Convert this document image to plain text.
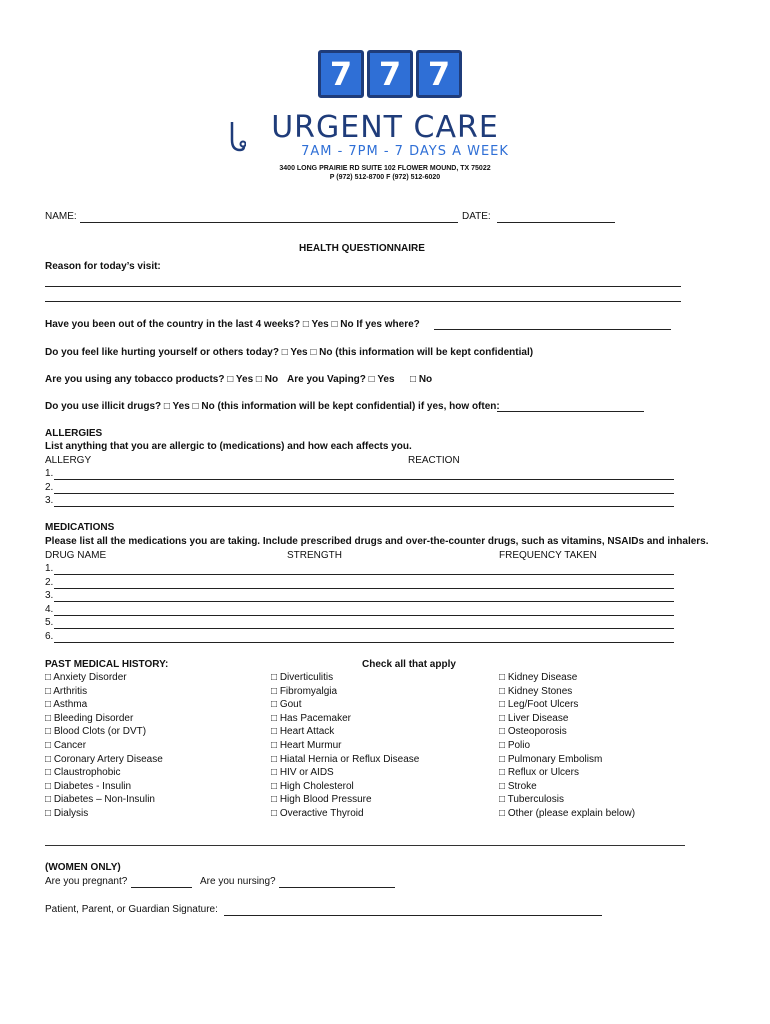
7 7 7
URGENT CARE
7AM - 7PM - 7 DAYS A WEEK
3400 LONG PRAIRIE RD SUITE 102 FLOWER MOUND, TX 75022
P (972) 512-8700 F (972) 512-6020
NAME:	DATE:
HEALTH QUESTIONNAIRE
Reason for today’s visit:
Have you been out of the country in the last 4 weeks? □ Yes □ No If yes where?
Do you feel like hurting yourself or others today? □ Yes □ No (this information will be kept confidential)
Are you using any tobacco products? □ Yes □ No Are you Vaping? □ Yes □ No
Do you use illicit drugs? □ Yes □ No (this information will be kept confidential) if yes, how often:
ALLERGIES
List anything that you are allergic to (medications) and how each affects you.
ALLERGY	REACTION
1.
2.
3.
MEDICATIONS
Please list all the medications you are taking. Include prescribed drugs and over-the-counter drugs, such as vitamins, NSAIDs and inhalers.
DRUG NAME	STRENGTH	FREQUENCY TAKEN
1.
2.
3.
4.
5.
6.
PAST MEDICAL HISTORY:	Check all that apply
□ Anxiety Disorder
□ Arthritis
□ Asthma
□ Bleeding Disorder
□ Blood Clots (or DVT)
□ Cancer
□ Coronary Artery Disease
□ Claustrophobic
□ Diabetes - Insulin
□ Diabetes – Non-Insulin
□ Dialysis
□ Diverticulitis
□ Fibromyalgia
□ Gout
□ Has Pacemaker
□ Heart Attack
□ Heart Murmur
□ Hiatal Hernia or Reflux Disease
□ HIV or AIDS
□ High Cholesterol
□ High Blood Pressure
□ Overactive Thyroid
□ Kidney Disease
□ Kidney Stones
□ Leg/Foot Ulcers
□ Liver Disease
□ Osteoporosis
□ Polio
□ Pulmonary Embolism
□ Reflux or Ulcers
□ Stroke
□ Tuberculosis
□ Other (please explain below)
(WOMEN ONLY)
Are you pregnant?	Are you nursing?
Patient, Parent, or Guardian Signature:
